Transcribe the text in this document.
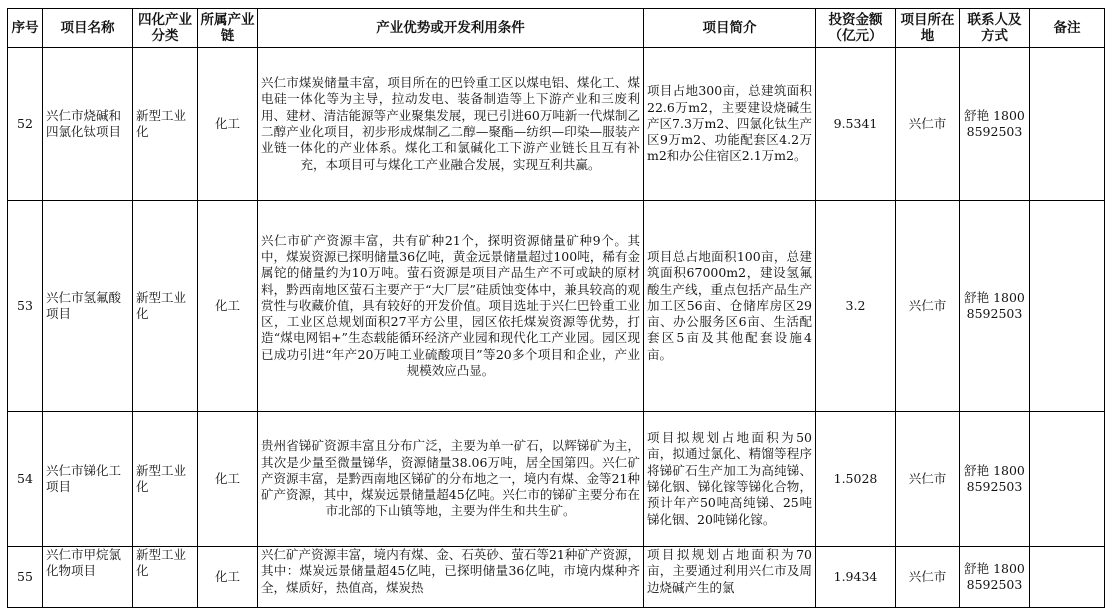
序号	项目名称	四化产业分类	所属产业链	产业优势或开发利用条件	项目简介	投资金额（亿元）	项目所在地	联系人及方式	备注
52	兴仁市烧碱和四氯化钛项目	新型工业化	化工	兴仁市煤炭储量丰富，项目所在的巴铃重工区以煤电铝、煤化工、煤电硅一体化等为主导，拉动发电、装备制造等上下游产业和三废利用、建材、清洁能源等产业聚集发展，现已引进60万吨新一代煤制乙二醇产业化项目，初步形成煤制乙二醇—聚酯—纺织—印染—服装产业链一体化的产业体系。煤化工和氯碱化工下游产业链长且互有补充，本项目可与煤化工产业融合发展，实现互利共赢。	项目占地300亩，总建筑面积22.6万m2，主要建设烧碱生产区7.3万m2、四氯化钛生产区9万m2、功能配套区4.2万m2和办公住宿区2.1万m2。	9.5341	兴仁市	舒艳 18008592503	
53	兴仁市氢氟酸项目	新型工业化	化工	兴仁市矿产资源丰富，共有矿种21个，探明资源储量矿种9个。其中，煤炭资源已探明储量36亿吨，黄金远景储量超过100吨，稀有金属铊的储量约为10万吨。萤石资源是项目产品生产不可或缺的原材料，黔西南地区萤石主要产于“大厂层”硅质蚀变体中，兼具较高的观赏性与收藏价值，具有较好的开发价值。项目选址于兴仁巴铃重工业区，工业区总规划面积27平方公里，园区依托煤炭资源等优势，打造“煤电网铝+”生态载能循环经济产业园和现代化工产业园。园区现已成功引进“年产20万吨工业硫酸项目”等20多个项目和企业，产业规模效应凸显。	项目总占地面积100亩，总建筑面积67000m2，建设氢氟酸生产线，重点包括产品生产加工区56亩、仓储库房区29亩、办公服务区6亩、生活配套区5亩及其他配套设施4亩。	3.2	兴仁市	舒艳 18008592503	
54	兴仁市锑化工项目	新型工业化	化工	贵州省锑矿资源丰富且分布广泛，主要为单一矿石，以辉锑矿为主，其次是少量至微量锑华，资源储量38.06万吨，居全国第四。兴仁矿产资源丰富，是黔西南地区锑矿的分布地之一，境内有煤、金等21种矿产资源，其中，煤炭远景储量超45亿吨。兴仁市的锑矿主要分布在市北部的下山镇等地，主要为伴生和共生矿。	项目拟规划占地面积为50亩，拟通过氯化、精馏等程序将锑矿石生产加工为高纯锑、锑化铟、锑化镓等锑化合物，预计年产50吨高纯锑、25吨锑化铟、20吨锑化镓。	1.5028	兴仁市	舒艳 18008592503	
55	兴仁市甲烷氯化物项目	新型工业化	化工	兴仁矿产资源丰富，境内有煤、金、石英砂、萤石等21种矿产资源，其中：煤炭远景储量超45亿吨，已探明储量36亿吨，市境内煤种齐全，煤质好，热值高，煤炭热	项目拟规划占地面积为70亩，主要通过利用兴仁市及周边烧碱产生的氯	1.9434	兴仁市	舒艳 18008592503	
